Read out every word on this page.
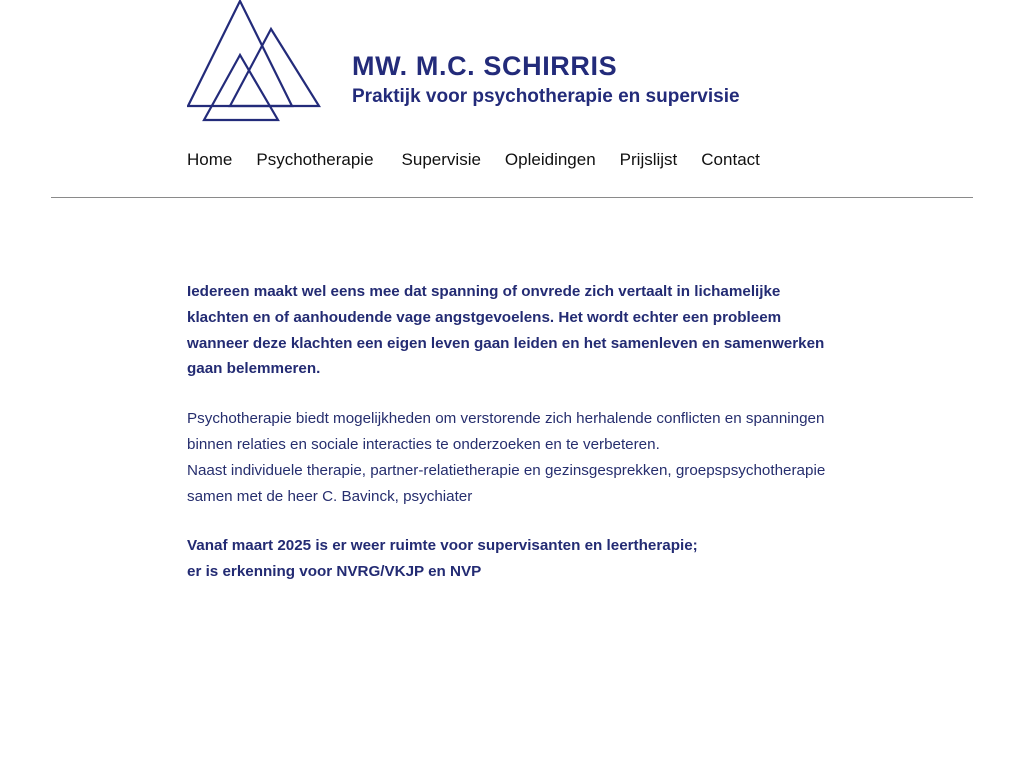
MW. M.C. SCHIRRIS
Praktijk voor psychotherapie en supervisie
Home Psychotherapie Supervisie Opleidingen Prijslijst Contact

Iedereen maakt wel eens mee dat spanning of onvrede zich vertaalt in lichamelijke klachten en of aanhoudende vage angstgevoelens. Het wordt echter een probleem wanneer deze klachten een eigen leven gaan leiden en het samenleven en samenwerken gaan belemmeren.

Psychotherapie biedt mogelijkheden om verstorende zich herhalende conflicten en spanningen binnen relaties en sociale interacties te onderzoeken en te verbeteren.
Naast individuele therapie, partner-relatietherapie en gezinsgesprekken, groepspsychotherapie samen met de heer C. Bavinck, psychiater

Vanaf maart 2025 is er weer ruimte voor supervisanten en leertherapie;
er is erkenning voor NVRG/VKJP en NVP
